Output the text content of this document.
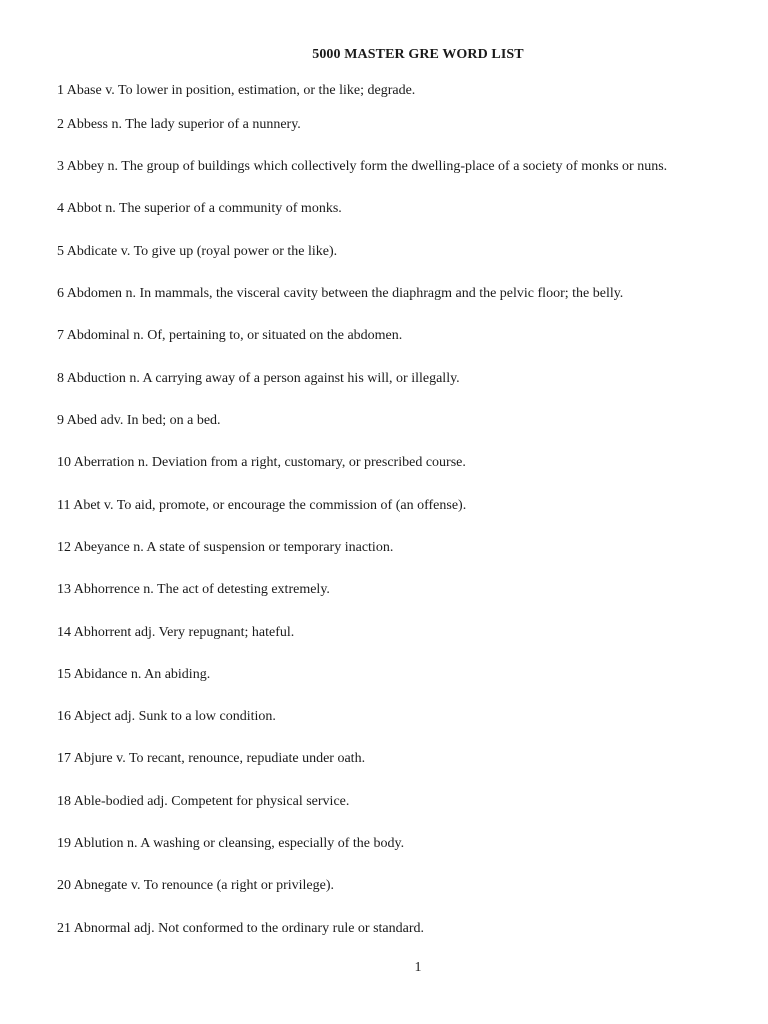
5000 MASTER GRE WORD LIST
1 Abase v. To lower in position, estimation, or the like; degrade.
2 Abbess n. The lady superior of a nunnery.
3 Abbey n. The group of buildings which collectively form the dwelling-place of a society of monks or nuns.
4 Abbot n. The superior of a community of monks.
5 Abdicate v. To give up (royal power or the like).
6 Abdomen n. In mammals, the visceral cavity between the diaphragm and the pelvic floor; the belly.
7 Abdominal n. Of, pertaining to, or situated on the abdomen.
8 Abduction n. A carrying away of a person against his will, or illegally.
9 Abed adv. In bed; on a bed.
10 Aberration n. Deviation from a right, customary, or prescribed course.
11 Abet v. To aid, promote, or encourage the commission of (an offense).
12 Abeyance n. A state of suspension or temporary inaction.
13 Abhorrence n. The act of detesting extremely.
14 Abhorrent adj. Very repugnant; hateful.
15 Abidance n. An abiding.
16 Abject adj. Sunk to a low condition.
17 Abjure v. To recant, renounce, repudiate under oath.
18 Able-bodied adj. Competent for physical service.
19 Ablution n. A washing or cleansing, especially of the body.
20 Abnegate v. To renounce (a right or privilege).
21 Abnormal adj. Not conformed to the ordinary rule or standard.
1
